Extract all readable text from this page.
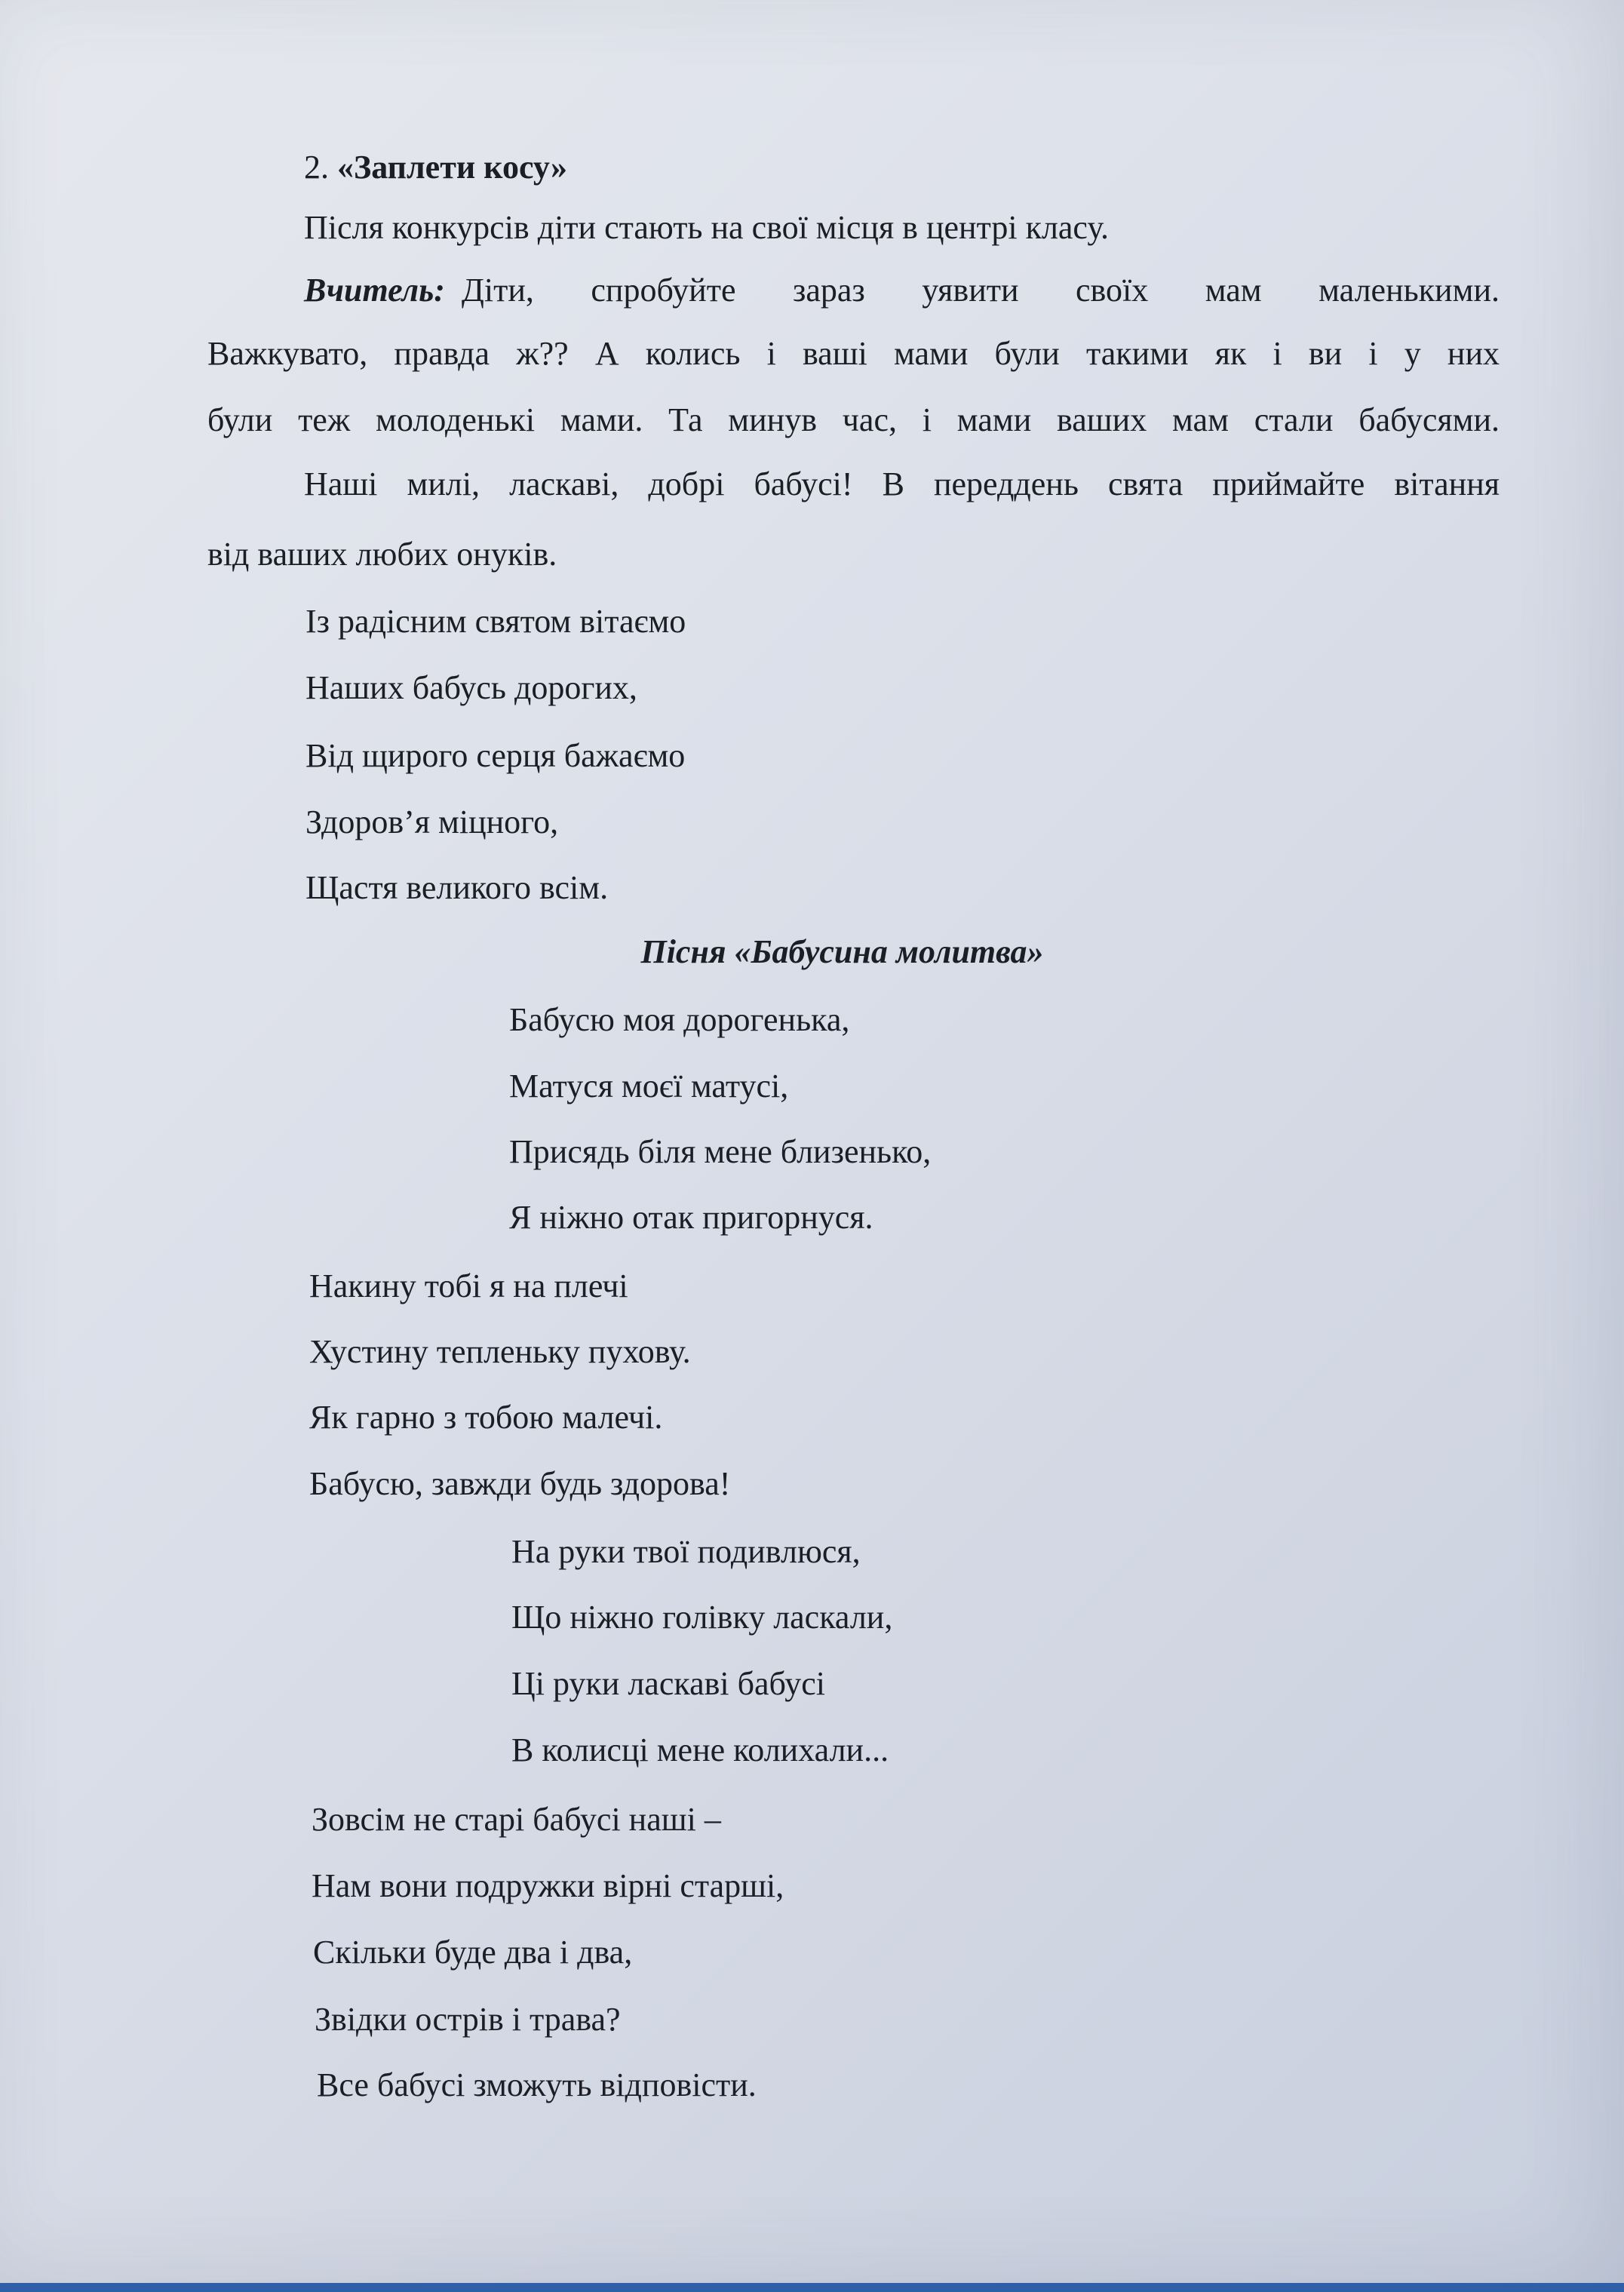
2. «Заплети косу»
Після конкурсів діти стають на свої місця в центрі класу.
Вчитель: Діти, спробуйте зараз уявити своїх мам маленькими.
Важкувато, правда ж?? А колись і ваші мами були такими як і ви і у них
були теж молоденькі мами. Та минув час, і мами ваших мам стали бабусями.
Наші милі, ласкаві, добрі бабусі! В переддень свята приймайте вітання
від ваших любих онуків.
Із радісним святом вітаємо
Наших бабусь дорогих,
Від щирого серця бажаємо
Здоров’я міцного,
Щастя великого всім.
Пісня «Бабусина молитва»
Бабусю моя дорогенька,
Матуся моєї матусі,
Присядь біля мене близенько,
Я ніжно отак пригорнуся.
Накину тобі я на плечі
Хустину тепленьку пухову.
Як гарно з тобою малечі.
Бабусю, завжди будь здорова!
На руки твої подивлюся,
Що ніжно голівку ласкали,
Ці руки ласкаві бабусі
В колисці мене колихали...
Зовсім не старі бабусі наші –
Нам вони подружки вірні старші,
Скільки буде два і два,
Звідки острів і трава?
Все бабусі зможуть відповісти.
